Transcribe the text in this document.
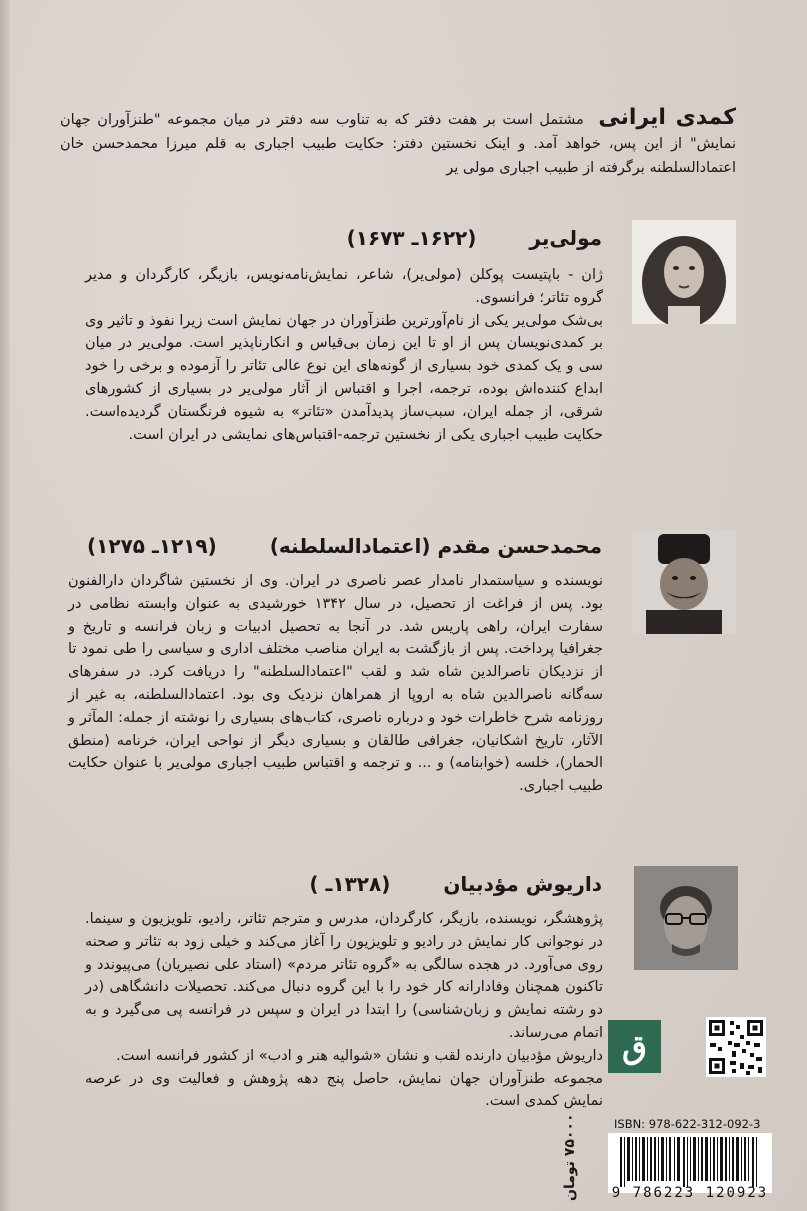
کمدی ایرانی مشتمل است بر هفت دفتر که به تناوب سه دفتر در میان مجموعه "طنزآوران جهان نمایش" از این پس، خواهد آمد. و اینک نخستین دفتر: حکایت طبیب اجباری به قلم میرزا محمدحسن خان اعتمادالسلطنه برگرفته از طبیب اجباری مولی یر

مولی‌یر (۱۶۲۲ـ ۱۶۷۳)

ژان - باپتیست پوکلن (مولی‌یر)، شاعر، نمایش‌نامه‌نویس، بازیگر، کارگردان و مدیر گروه تئاتر؛ فرانسوی.

بی‌شک مولی‌یر یکی از نام‌آورترین طنزآوران در جهان نمایش است زیرا نفوذ و تاثیر وی بر کمدی‌نویسان پس از او تا این زمان بی‌قیاس و انکارناپذیر است. مولی‌یر در میان سی و یک کمدی خود بسیاری از گونه‌های این نوع عالی تئاتر را آزموده و برخی را خود ابداع کننده‌اش بوده، ترجمه، اجرا و اقتباس از آثار مولی‌یر در بسیاری از کشورهای شرقی، از جمله ایران، سبب‌ساز پدیدآمدن «تئاتر» به شیوه فرنگستان گردیده‌است. حکایت طبیب اجباری یکی از نخستین ترجمه-اقتباس‌های نمایشی در ایران است.

محمدحسن مقدم (اعتمادالسلطنه) (۱۲۱۹ـ ۱۲۷۵)

نویسنده و سیاستمدار نامدار عصر ناصری در ایران. وی از نخستین شاگردان دارالفنون بود. پس از فراغت از تحصیل، در سال ۱۳۴۲ خورشیدی به عنوان وابسته نظامی در سفارت ایران، راهی پاریس شد. در آنجا به تحصیل ادبیات و زبان فرانسه و تاریخ و جغرافیا پرداخت. پس از بازگشت به ایران مناصب مختلف اداری و سیاسی را طی نمود تا از نزدیکان ناصرالدین شاه شد و لقب "اعتمادالسلطنه" را دریافت کرد. در سفرهای سه‌گانه ناصرالدین شاه به اروپا از همراهان نزدیک وی بود. اعتمادالسلطنه، به غیر از روزنامه شرح خاطرات خود و درباره ناصری، کتاب‌های بسیاری را نوشته از جمله: المآثر و الآثار، تاریخ اشکانیان، جغرافی طالقان و بسیاری دیگر از نواحی ایران، خرنامه (منطق الحمار)، خلسه (خوابنامه) و ... و ترجمه و اقتباس طبیب اجباری مولی‌یر با عنوان حکایت طبیب اجباری.

داریوش مؤدبیان (۱۳۲۸ـ )

پژوهشگر، نویسنده، بازیگر، کارگردان، مدرس و مترجم تئاتر، رادیو، تلویزیون و سینما. در نوجوانی کار نمایش در رادیو و تلویزیون را آغاز می‌کند و خیلی زود به تئاتر و صحنه روی می‌آورد. در هجده سالگی به «گروه تئاتر مردم» (استاد علی نصیریان) می‌پیوندد و تاکنون همچنان وفادارانه کار خود را با این گروه دنبال می‌کند. تحصیلات دانشگاهی (در دو رشته نمایش و زبان‌شناسی) را ابتدا در ایران و سپس در فرانسه پی می‌گیرد و به اتمام می‌رساند.

داریوش مؤدبیان دارنده لقب و نشان «شوالیه هنر و ادب» از کشور فرانسه است.

مجموعه طنزآوران جهان نمایش، حاصل پنج دهه پژوهش و فعالیت وی در عرصه نمایش کمدی است.

ق
۷۵۰۰۰ تومان	ISBN: 978-622-312-092-3
9 786223 120923
